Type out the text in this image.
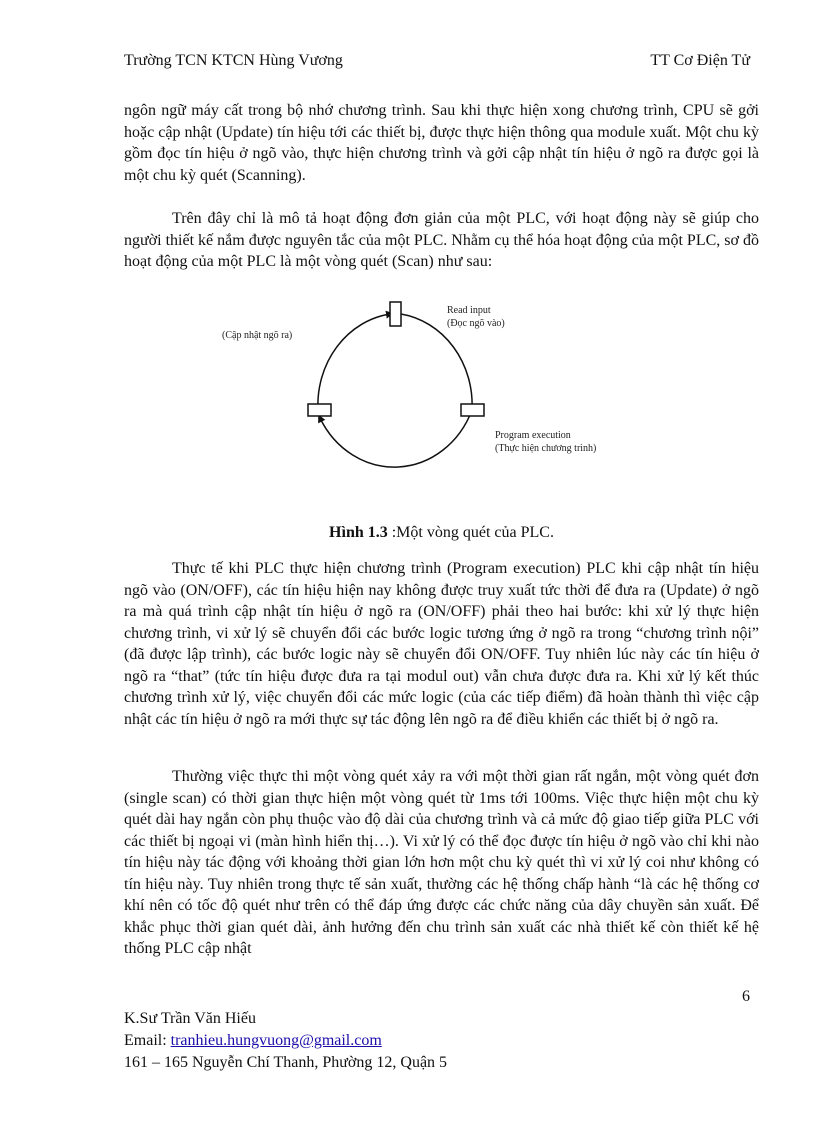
Trường TCN KTCN Hùng Vương	TT Cơ Điện Tử

ngôn ngữ máy cất trong bộ nhớ chương trình. Sau khi thực hiện xong chương trình, CPU sẽ gởi hoặc cập nhật (Update) tín hiệu tới các thiết bị, được thực hiện thông qua module xuất. Một chu kỳ gồm đọc tín hiệu ở ngõ vào, thực hiện chương trình và gởi cập nhật tín hiệu ở ngõ ra được gọi là một chu kỳ quét (Scanning).

Trên đây chỉ là mô tả hoạt động đơn giản của một PLC, với hoạt động này sẽ giúp cho người thiết kế nắm được nguyên tắc của một PLC. Nhằm cụ thể hóa hoạt động của một PLC, sơ đồ hoạt động của một PLC là một vòng quét (Scan) như sau:

(Cập nhật ngõ ra)
Read input
(Đọc ngõ vào)
Program execution
(Thực hiện chương trình)
Hình 1.3 :Một vòng quét của PLC.

Thực tế khi PLC thực hiện chương trình (Program execution) PLC khi cập nhật tín hiệu ngõ vào (ON/OFF), các tín hiệu hiện nay không được truy xuất tức thời để đưa ra (Update) ở ngõ ra mà quá trình cập nhật tín hiệu ở ngõ ra (ON/OFF) phải theo hai bước: khi xử lý thực hiện chương trình, vi xử lý sẽ chuyển đổi các bước logic tương ứng ở ngõ ra trong “chương trình nội” (đã được lập trình), các bước logic này sẽ chuyển đổi ON/OFF. Tuy nhiên lúc này các tín hiệu ở ngõ ra “that” (tức tín hiệu được đưa ra tại modul out) vẫn chưa được đưa ra. Khi xử lý kết thúc chương trình xử lý, việc chuyển đổi các mức logic (của các tiếp điểm) đã hoàn thành thì việc cập nhật các tín hiệu ở ngõ ra mới thực sự tác động lên ngõ ra để điều khiển các thiết bị ở ngõ ra.

Thường việc thực thi một vòng quét xảy ra với một thời gian rất ngắn, một vòng quét đơn (single scan) có thời gian thực hiện một vòng quét từ 1ms tới 100ms. Việc thực hiện một chu kỳ quét dài hay ngắn còn phụ thuộc vào độ dài của chương trình và cả mức độ giao tiếp giữa PLC với các thiết bị ngoại vi (màn hình hiển thị…). Vi xử lý có thể đọc được tín hiệu ở ngõ vào chỉ khi nào tín hiệu này tác động với khoảng thời gian lớn hơn một chu kỳ quét thì vi xử lý coi như không có tín hiệu này. Tuy nhiên trong thực tế sản xuất, thường các hệ thống chấp hành “là các hệ thống cơ khí nên có tốc độ quét như trên có thể đáp ứng được các chức năng của dây chuyền sản xuất. Để khắc phục thời gian quét dài, ảnh hưởng đến chu trình sản xuất các nhà thiết kế còn thiết kế hệ thống PLC cập nhật

6
K.Sư Trần Văn Hiếu
Email: tranhieu.hungvuong@gmail.com
161 – 165 Nguyễn Chí Thanh, Phường 12, Quận 5
